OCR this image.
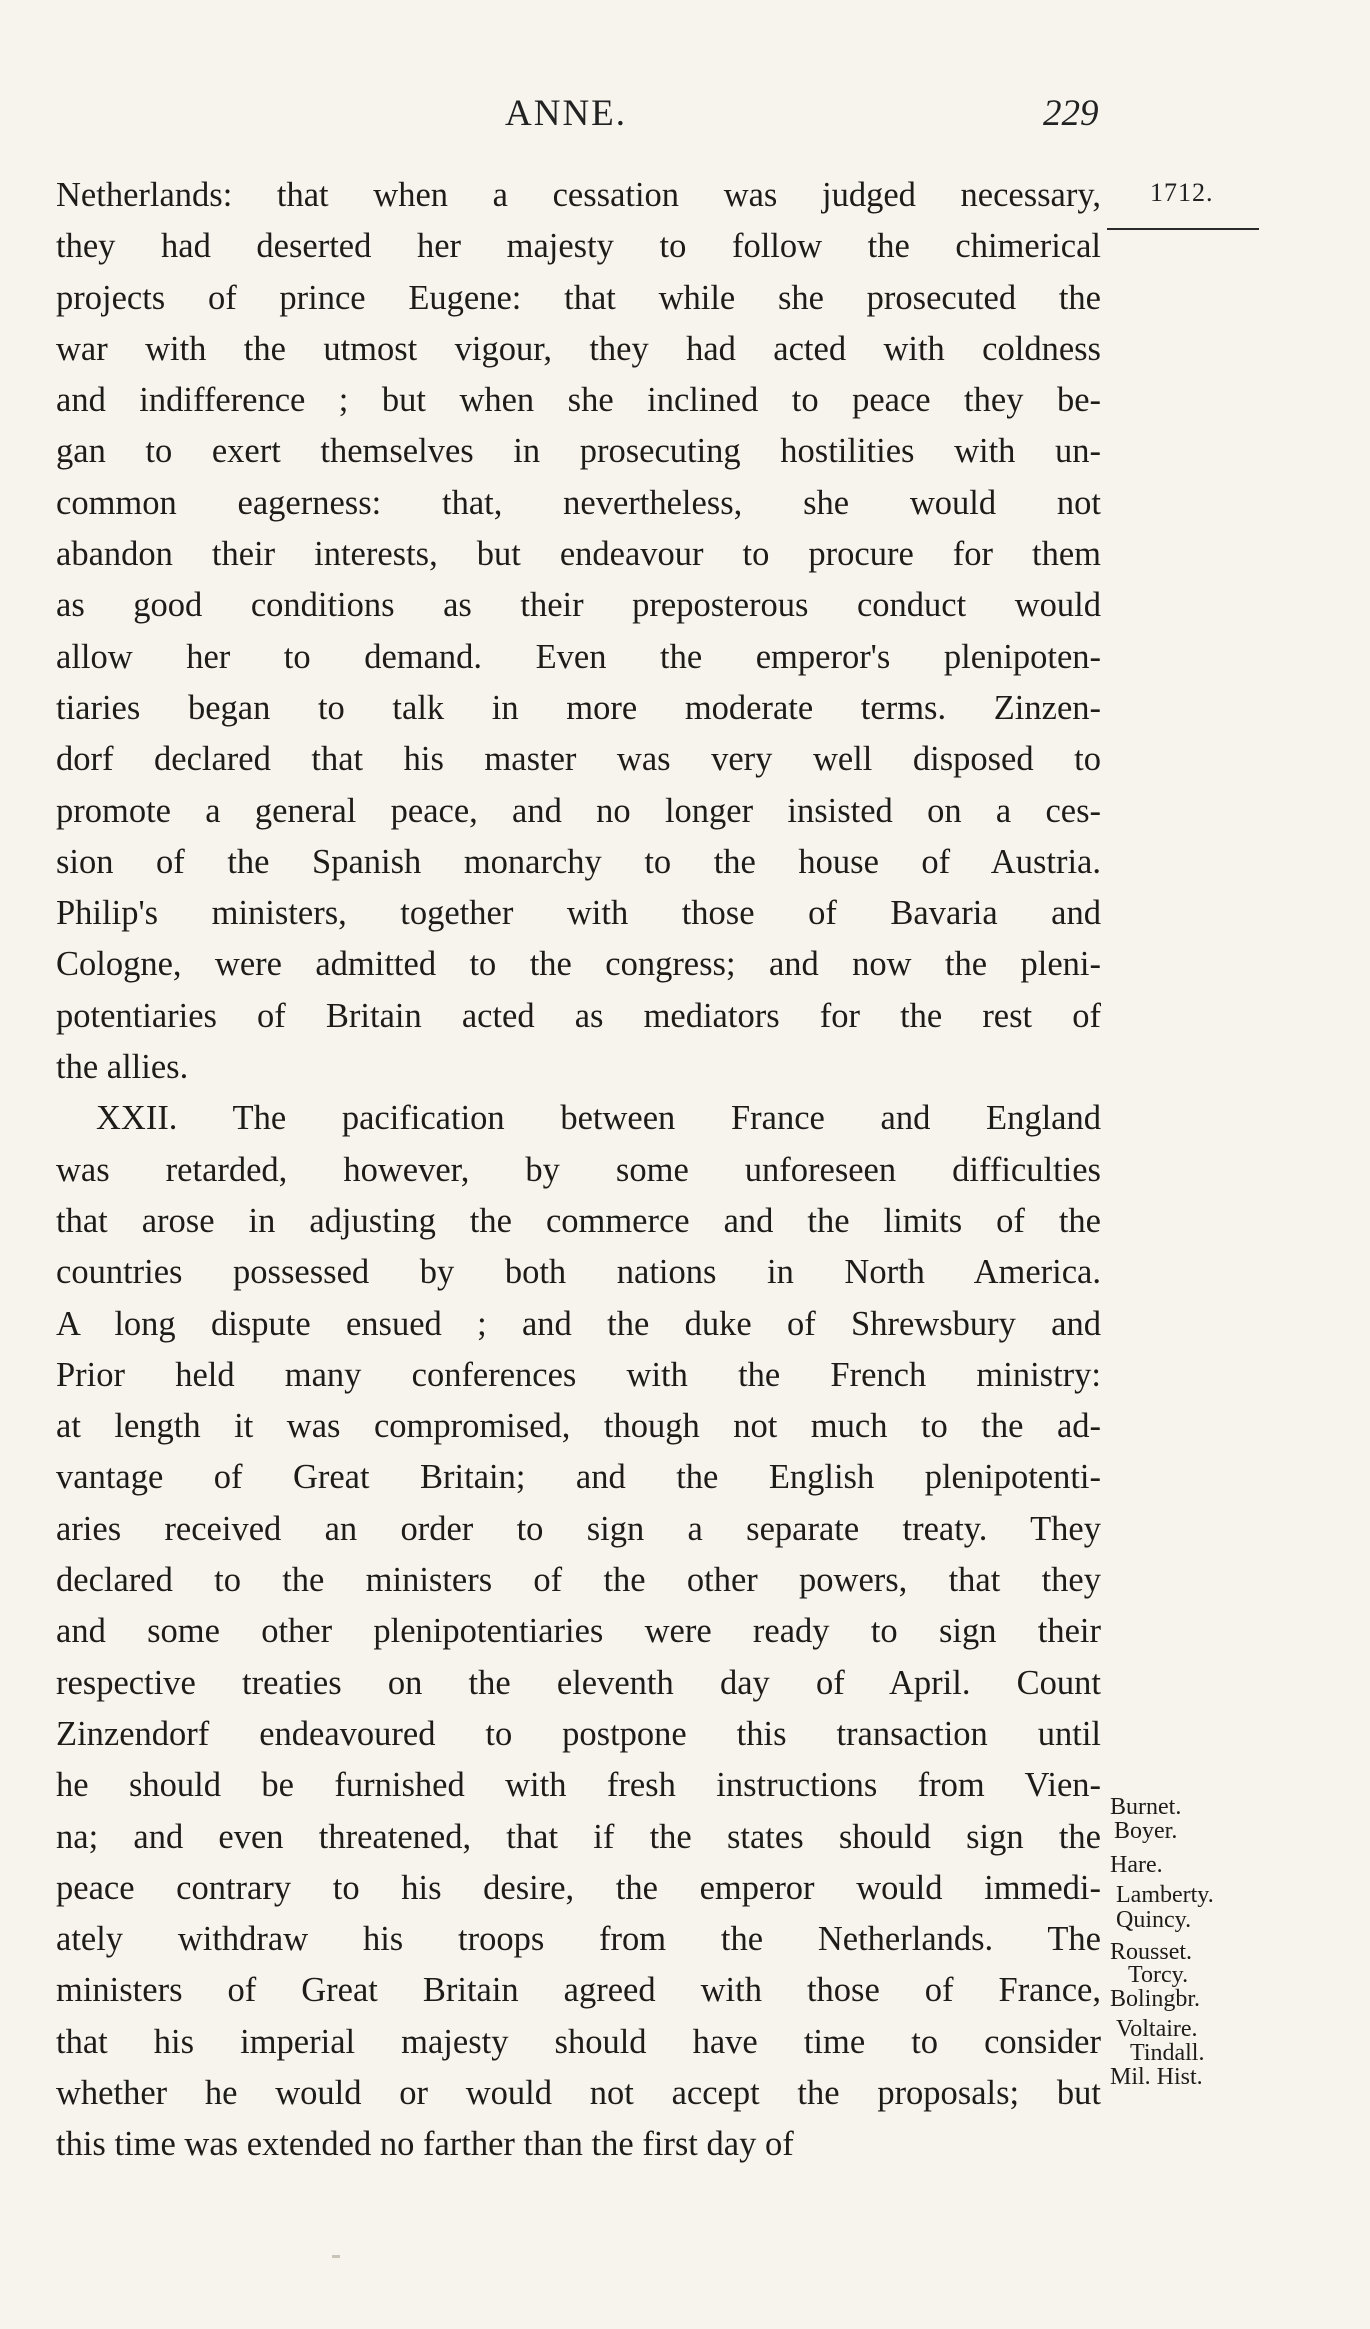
ANNE.	229
1712.
Netherlands: that when a cessation was judged necessary,
they had deserted her majesty to follow the chimerical
projects of prince Eugene: that while she prosecuted the
war with the utmost vigour, they had acted with coldness
and indifference ; but when she inclined to peace they be-
gan to exert themselves in prosecuting hostilities with un-
common eagerness: that, nevertheless, she would not
abandon their interests, but endeavour to procure for them
as good conditions as their preposterous conduct would
allow her to demand. Even the emperor's plenipoten-
tiaries began to talk in more moderate terms. Zinzen-
dorf declared that his master was very well disposed to
promote a general peace, and no longer insisted on a ces-
sion of the Spanish monarchy to the house of Austria.
Philip's ministers, together with those of Bavaria and
Cologne, were admitted to the congress; and now the pleni-
potentiaries of Britain acted as mediators for the rest of
the allies.
XXII. The pacification between France and England
was retarded, however, by some unforeseen difficulties
that arose in adjusting the commerce and the limits of the
countries possessed by both nations in North America.
A long dispute ensued ; and the duke of Shrewsbury and
Prior held many conferences with the French ministry:
at length it was compromised, though not much to the ad-
vantage of Great Britain; and the English plenipotenti-
aries received an order to sign a separate treaty. They
declared to the ministers of the other powers, that they
and some other plenipotentiaries were ready to sign their
respective treaties on the eleventh day of April. Count
Zinzendorf endeavoured to postpone this transaction until
he should be furnished with fresh instructions from Vien-
na; and even threatened, that if the states should sign the
peace contrary to his desire, the emperor would immedi-
ately withdraw his troops from the Netherlands. The
ministers of Great Britain agreed with those of France,
that his imperial majesty should have time to consider
whether he would or would not accept the proposals; but
this time was extended no farther than the first day of
Burnet.
Boyer.
Hare.
Lamberty.
Quincy.
Rousset.
Torcy.
Bolingbr.
Voltaire.
Tindall.
Mil. Hist.
